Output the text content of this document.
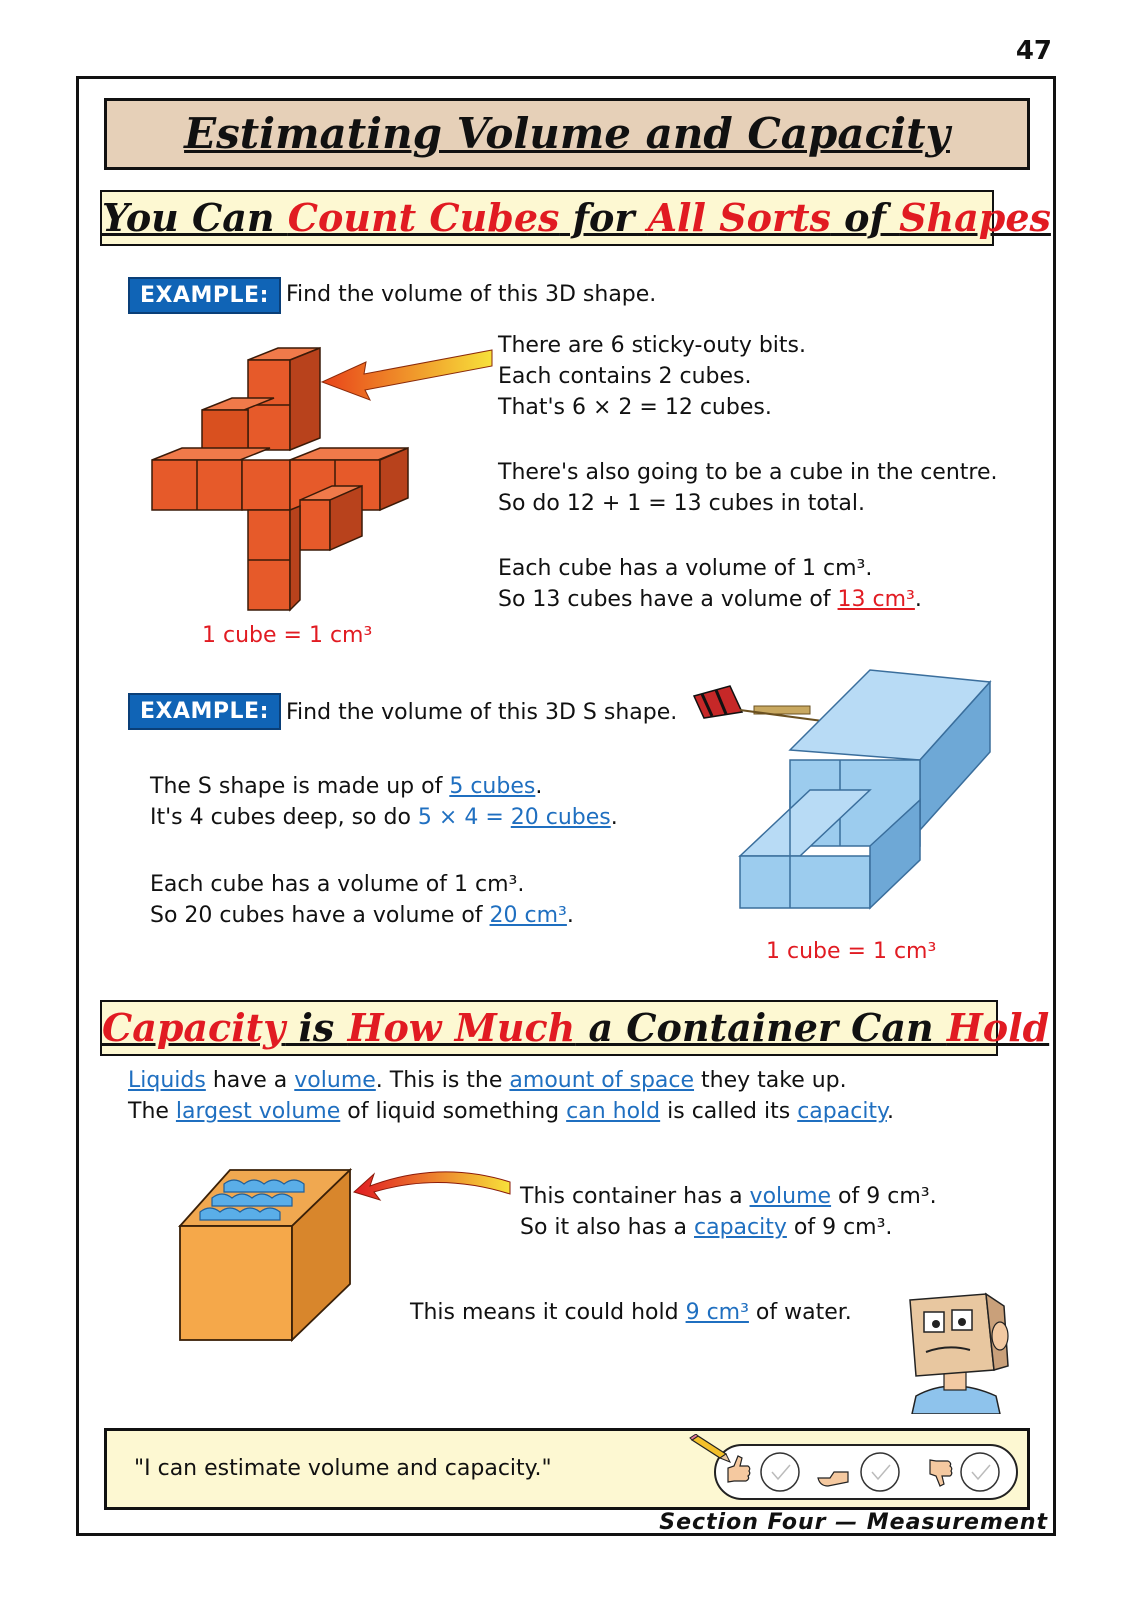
47
Estimating Volume and Capacity
You Can Count Cubes for All Sorts of Shapes
EXAMPLE: Find the volume of this 3D shape.
There are 6 sticky-outy bits.
Each contains 2 cubes.
That's 6 × 2 = 12 cubes.
There's also going to be a cube in the centre.
So do 12 + 1 = 13 cubes in total.
Each cube has a volume of 1 cm³.
So 13 cubes have a volume of 13 cm³.
1 cube = 1 cm³
EXAMPLE: Find the volume of this 3D S shape.
The S shape is made up of 5 cubes.
It's 4 cubes deep, so do 5 × 4 = 20 cubes.
Each cube has a volume of 1 cm³.
So 20 cubes have a volume of 20 cm³.
1 cube = 1 cm³
Capacity is How Much a Container Can Hold
Liquids have a volume. This is the amount of space they take up.
The largest volume of liquid something can hold is called its capacity.
This container has a volume of 9 cm³.
So it also has a capacity of 9 cm³.
This means it could hold 9 cm³ of water.
"I can estimate volume and capacity."
Section Four — Measurement
